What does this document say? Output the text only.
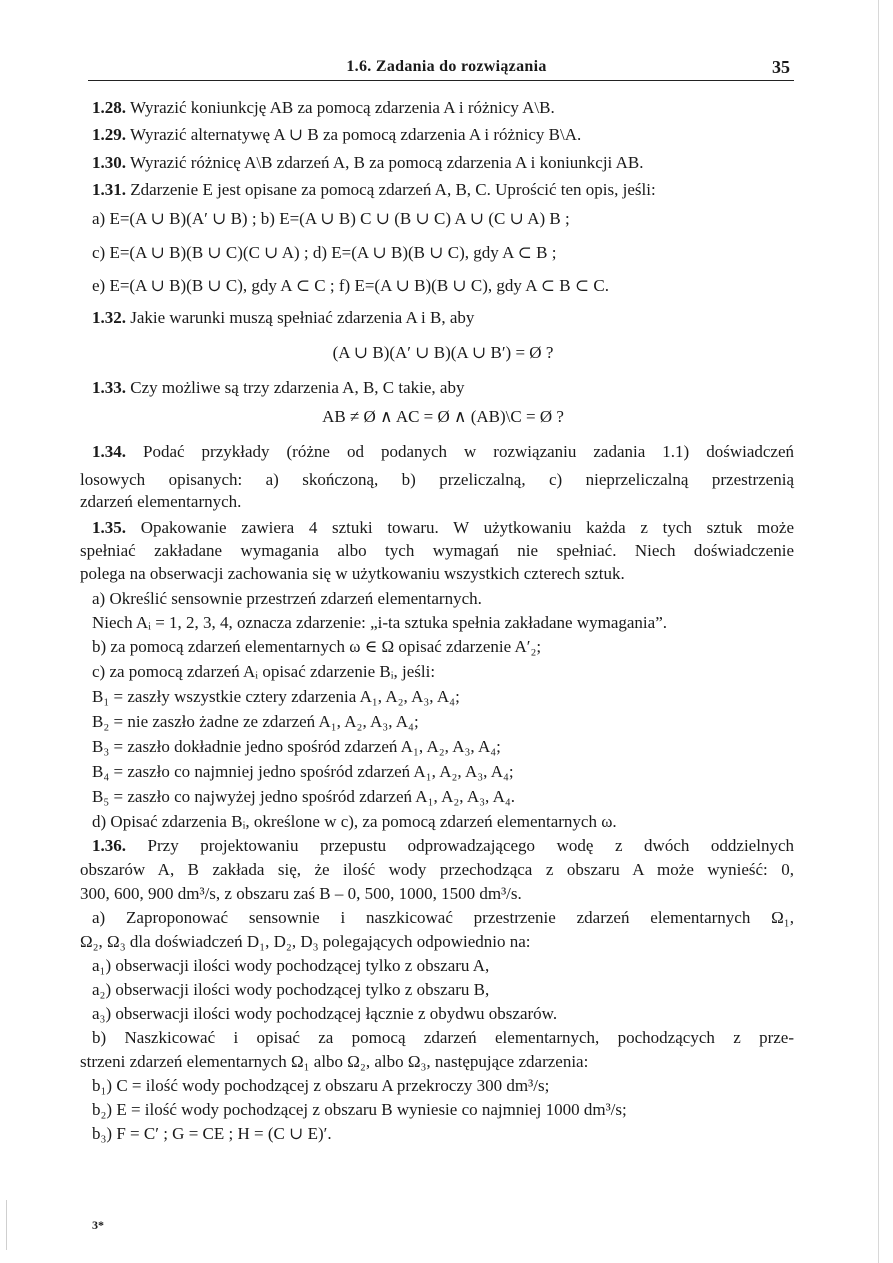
1.6. Zadania do rozwiązania	35
1.28. Wyrazić koniunkcję AB za pomocą zdarzenia A i różnicy A\B.
1.29. Wyrazić alternatywę A ∪ B za pomocą zdarzenia A i różnicy B\A.
1.30. Wyrazić różnicę A\B zdarzeń A, B za pomocą zdarzenia A i koniunkcji AB.
1.31. Zdarzenie E jest opisane za pomocą zdarzeń A, B, C. Uprościć ten opis, jeśli:
a) E=(A ∪ B)(A′ ∪ B) ; b) E=(A ∪ B) C ∪ (B ∪ C) A ∪ (C ∪ A) B ;
c) E=(A ∪ B)(B ∪ C)(C ∪ A) ; d) E=(A ∪ B)(B ∪ C), gdy A ⊂ B ;
e) E=(A ∪ B)(B ∪ C), gdy A ⊂ C ; f) E=(A ∪ B)(B ∪ C), gdy A ⊂ B ⊂ C.
1.32. Jakie warunki muszą spełniać zdarzenia A i B, aby
(A ∪ B)(A′ ∪ B)(A ∪ B′) = Ø ?
1.33. Czy możliwe są trzy zdarzenia A, B, C takie, aby
AB ≠ Ø ∧ AC = Ø ∧ (AB)\C = Ø ?
1.34. Podać przykłady (różne od podanych w rozwiązaniu zadania 1.1) doświadczeń
losowych opisanych: a) skończoną, b) przeliczalną, c) nieprzeliczalną przestrzenią
zdarzeń elementarnych.
1.35. Opakowanie zawiera 4 sztuki towaru. W użytkowaniu każda z tych sztuk może
spełniać zakładane wymagania albo tych wymagań nie spełniać. Niech doświadczenie
polega na obserwacji zachowania się w użytkowaniu wszystkich czterech sztuk.
a) Określić sensownie przestrzeń zdarzeń elementarnych.
Niech Aᵢ = 1, 2, 3, 4, oznacza zdarzenie: „i-ta sztuka spełnia zakładane wymagania”.
b) za pomocą zdarzeń elementarnych ω ∈ Ω opisać zdarzenie A′₂;
c) za pomocą zdarzeń Aᵢ opisać zdarzenie Bᵢ, jeśli:
B₁ = zaszły wszystkie cztery zdarzenia A₁, A₂, A₃, A₄;
B₂ = nie zaszło żadne ze zdarzeń A₁, A₂, A₃, A₄;
B₃ = zaszło dokładnie jedno spośród zdarzeń A₁, A₂, A₃, A₄;
B₄ = zaszło co najmniej jedno spośród zdarzeń A₁, A₂, A₃, A₄;
B₅ = zaszło co najwyżej jedno spośród zdarzeń A₁, A₂, A₃, A₄.
d) Opisać zdarzenia Bᵢ, określone w c), za pomocą zdarzeń elementarnych ω.
1.36. Przy projektowaniu przepustu odprowadzającego wodę z dwóch oddzielnych
obszarów A, B zakłada się, że ilość wody przechodząca z obszaru A może wynieść: 0,
300, 600, 900 dm³/s, z obszaru zaś B – 0, 500, 1000, 1500 dm³/s.
a) Zaproponować sensownie i naszkicować przestrzenie zdarzeń elementarnych Ω₁,
Ω₂, Ω₃ dla doświadczeń D₁, D₂, D₃ polegających odpowiednio na:
a₁) obserwacji ilości wody pochodzącej tylko z obszaru A,
a₂) obserwacji ilości wody pochodzącej tylko z obszaru B,
a₃) obserwacji ilości wody pochodzącej łącznie z obydwu obszarów.
b) Naszkicować i opisać za pomocą zdarzeń elementarnych, pochodzących z prze-
strzeni zdarzeń elementarnych Ω₁ albo Ω₂, albo Ω₃, następujące zdarzenia:
b₁) C = ilość wody pochodzącej z obszaru A przekroczy 300 dm³/s;
b₂) E = ilość wody pochodzącej z obszaru B wyniesie co najmniej 1000 dm³/s;
b₃) F = C′ ; G = CE ; H = (C ∪ E)′.
3*
